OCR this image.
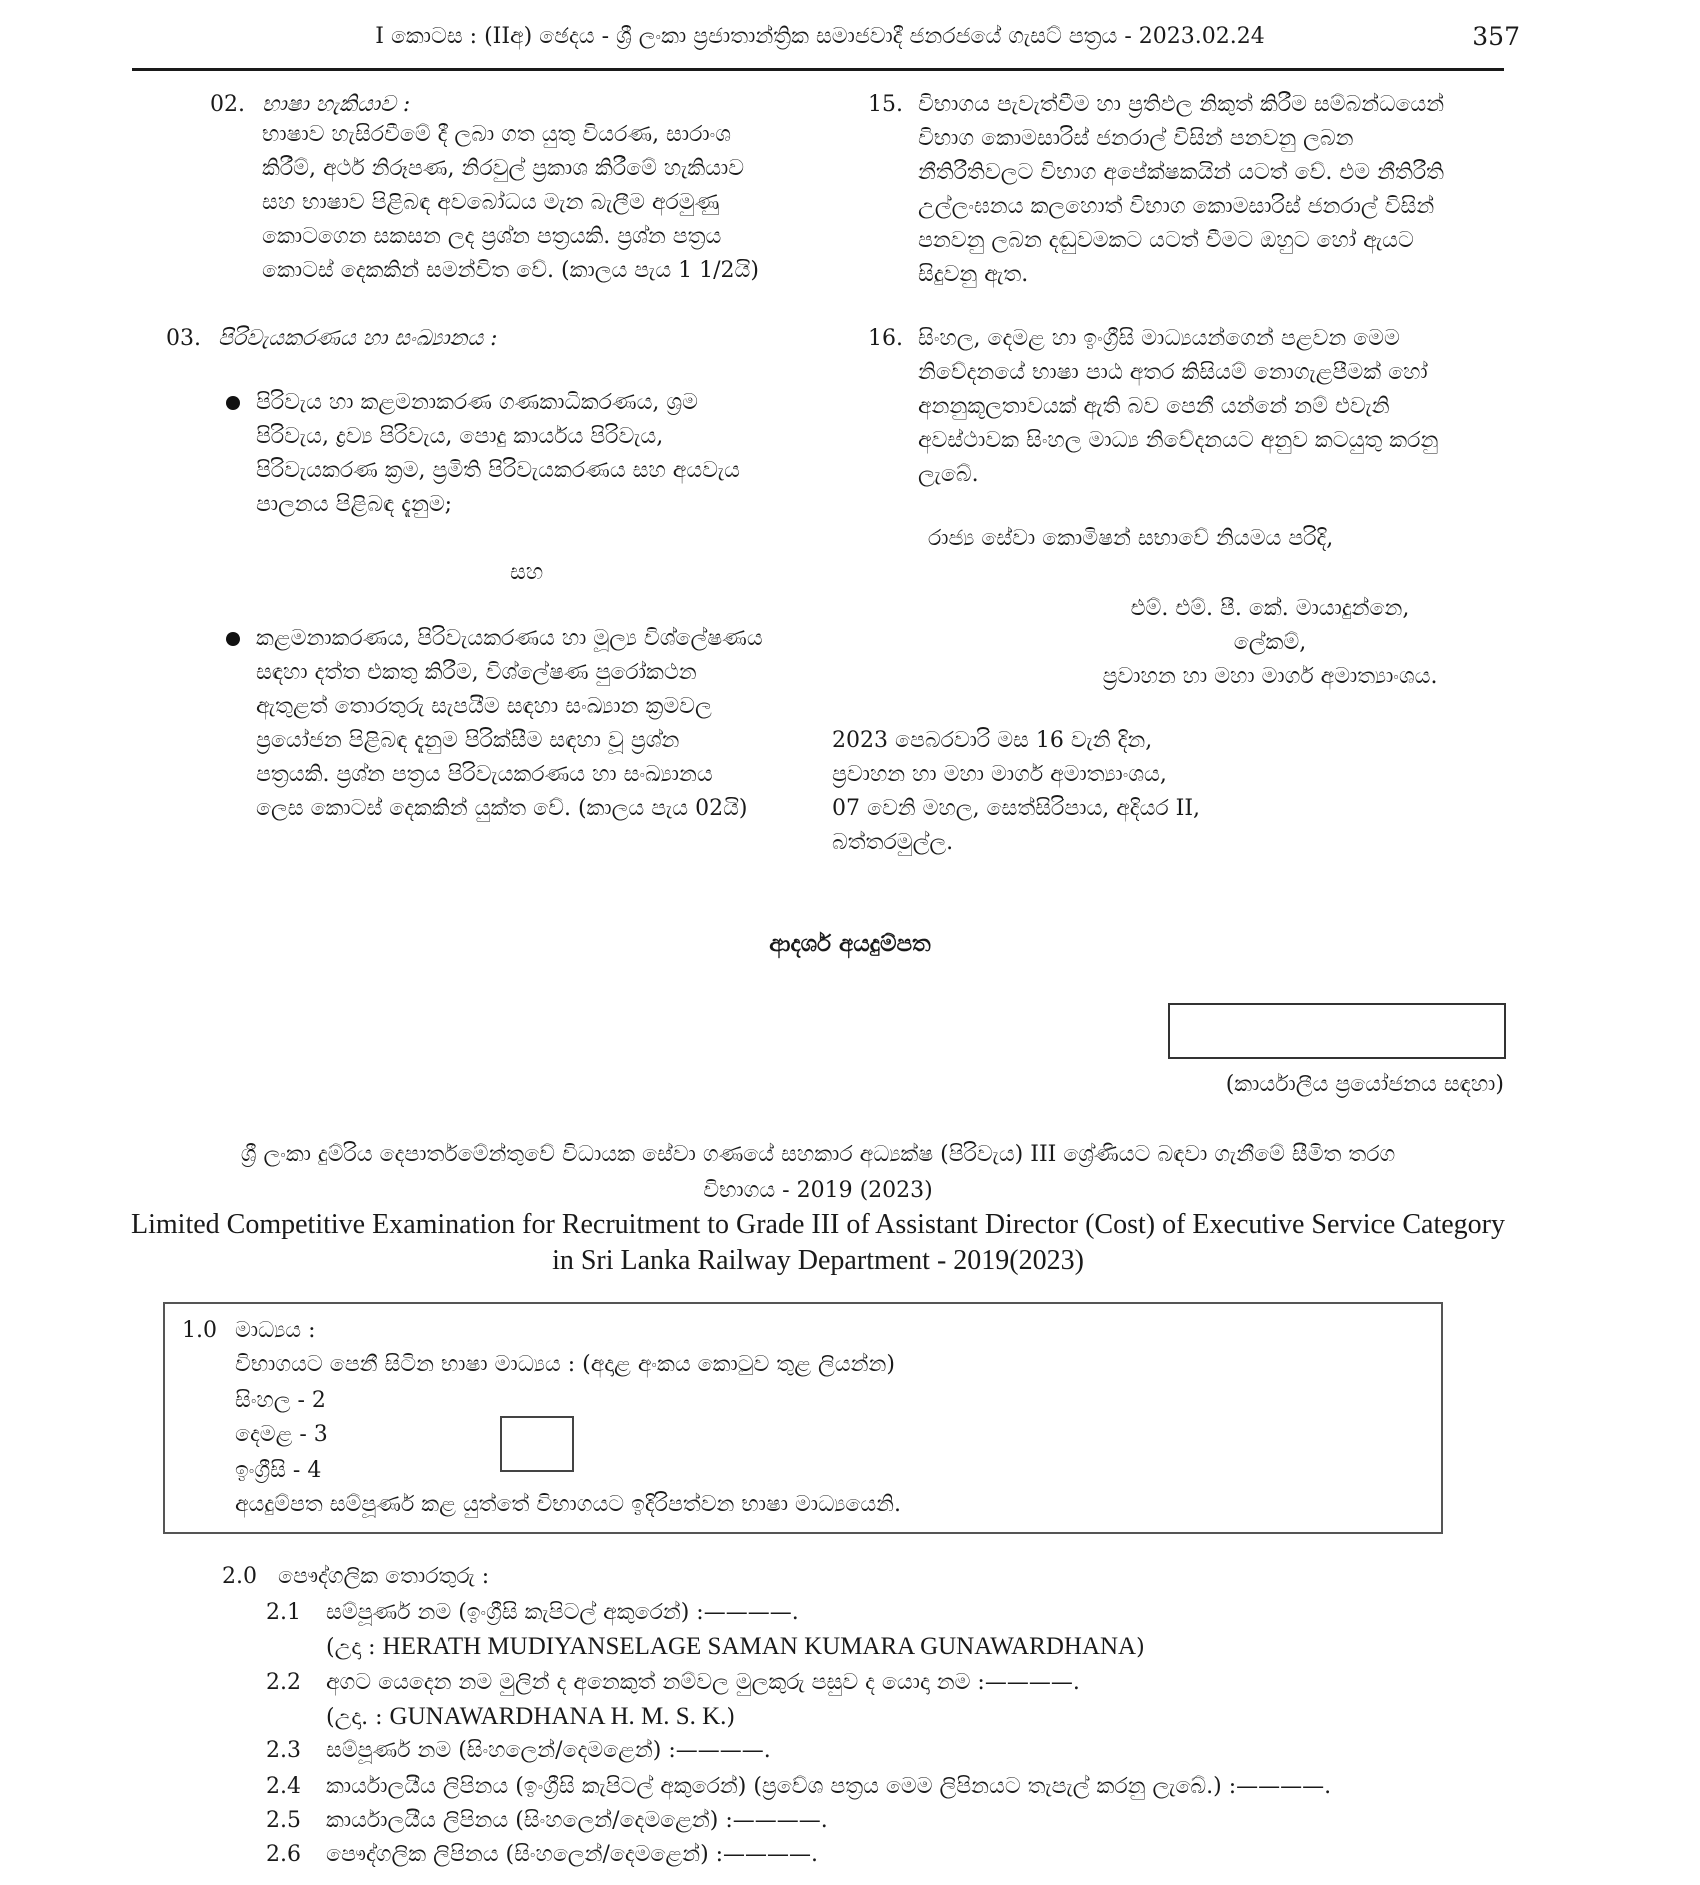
I කොටස : (IIඅ) ඡෙදය - ශ්‍රී ලංකා ප්‍රජාතාන්ත්‍රික සමාජවාදී ජනරජයේ ගැසට් පත්‍රය - 2023.02.24	357
02. භාෂා හැකියාව :
භාෂාව හැසිරවීමේ දී ලබා ගත යුතු වියරණ, සාරාංශ
කිරීම්, අර්ථ නිරූපණ, නිරවුල් ප්‍රකාශ කිරීමේ හැකියාව
සහ භාෂාව පිළිබඳ අවබෝධය මැන බැලීම අරමුණු
කොටගෙන සකසන ලද ප්‍රශ්න පත්‍රයකි. ප්‍රශ්න පත්‍රය
කොටස් දෙකකින් සමන්විත වේ. (කාලය පැය 1 1/2යි)
03. පිරිවැයකරණය හා සංඛ්‍යානය :
පිරිවැය හා කළමනාකරණ ගණකාධිකරණය, ශ්‍රම
පිරිවැය, ද්‍රව්‍ය පිරිවැය, පොදු කාර්යය පිරිවැය,
පිරිවැයකරණ ක්‍රම, ප්‍රමිති පිරිවැයකරණය සහ අයවැය
පාලනය පිළිබඳ දැනුම;
සහ
කළමනාකරණය, පිරිවැයකරණය හා මූල්‍ය විශ්ලේෂණය
සඳහා දත්ත එකතු කිරීම, විශ්ලේෂණ පුරෝකථන
ඇතුළත් තොරතුරු සැපයීම සඳහා සංඛ්‍යාන ක්‍රමවල
ප්‍රයෝජන පිළිබඳ දැනුම පිරික්සීම සඳහා වූ ප්‍රශ්න
පත්‍රයකි. ප්‍රශ්න පත්‍රය පිරිවැයකරණය හා සංඛ්‍යානය
ලෙස කොටස් දෙකකින් යුක්ත වේ. (කාලය පැය 02යි)
15. විභාගය පැවැත්වීම හා ප්‍රතිඵල නිකුත් කිරීම සම්බන්ධයෙන්
විභාග කොමසාරිස් ජනරාල් විසින් පනවනු ලබන
නීතිරීතිවලට විභාග අපේක්ෂකයින් යටත් වේ. එම නීතිරීති
උල්ලංඝනය කලහොත් විභාග කොමසාරිස් ජනරාල් විසින්
පනවනු ලබන දඬුවමකට යටත් වීමට ඔහුට හෝ ඇයට
සිදුවනු ඇත.
16. සිංහල, දෙමළ හා ඉංග්‍රීසි මාධ්‍යයන්ගෙන් පළවන මෙම
නිවේදනයේ භාෂා පාඨ අතර කිසියම් නොගැළපීමක් හෝ
අනනුකූලතාවයක් ඇති බව පෙනී යන්නේ නම් එවැනි
අවස්ථාවක සිංහල මාධ්‍ය නිවේදනයට අනුව කටයුතු කරනු
ලැබේ.
රාජ්‍ය සේවා කොමිෂන් සභාවේ නියමය පරිදි,
එම්. එම්. පී. කේ. මායාදුන්නෙ,
ලේකම්,
ප්‍රවාහන හා මහා මාර්ග අමාත්‍යාංශය.
2023 පෙබරවාරි මස 16 වැනි දින,
ප්‍රවාහන හා මහා මාර්ග අමාත්‍යාංශය,
07 වෙනි මහල, සෙත්සිරිපාය, අදියර II,
බත්තරමුල්ල.
ආදර්ශ අයදුම්පත
(කාර්යාලීය ප්‍රයෝජනය සඳහා)
ශ්‍රී ලංකා දුම්රිය දෙපාර්තමේන්තුවේ විධායක සේවා ගණයේ සහකාර අධ්‍යක්ෂ (පිරිවැය) III ශ්‍රේණියට බඳවා ගැනීමේ සීමිත තරග
විභාගය - 2019 (2023)
Limited Competitive Examination for Recruitment to Grade III of Assistant Director (Cost) of Executive Service Category
in Sri Lanka Railway Department - 2019(2023)
1.0 මාධ්‍යය :
විභාගයට පෙනී සිටින භාෂා මාධ්‍යය : (අදාළ අංකය කොටුව තුළ ලියන්න)
සිංහල - 2
දෙමළ - 3
ඉංග්‍රීසි - 4
අයදුම්පත සම්පූර්ණ කළ යුත්තේ විභාගයට ඉදිරිපත්වන භාෂා මාධ්‍යයෙනි.
2.0 පෞද්ගලික තොරතුරු :
2.1 සම්පූර්ණ නම (ඉංග්‍රීසි කැපිටල් අකුරෙන්) :————.
(උදා : HERATH MUDIYANSELAGE SAMAN KUMARA GUNAWARDHANA)
2.2 අගට යෙදෙන නම මුලින් ද අනෙකුත් නම්වල මුලකුරු පසුව ද යොදා නම :————.
(උදා. : GUNAWARDHANA H. M. S. K.)
2.3 සම්පූර්ණ නම (සිංහලෙන්/දෙමළෙන්) :————.
2.4 කාර්යාලයීය ලිපිනය (ඉංග්‍රීසි කැපිටල් අකුරෙන්) (ප්‍රවේශ පත්‍රය මෙම ලිපිනයට තැපැල් කරනු ලැබේ.) :————.
2.5 කාර්යාලයීය ලිපිනය (සිංහලෙන්/දෙමළෙන්) :————.
2.6 පෞද්ගලික ලිපිනය (සිංහලෙන්/දෙමළෙන්) :————.
